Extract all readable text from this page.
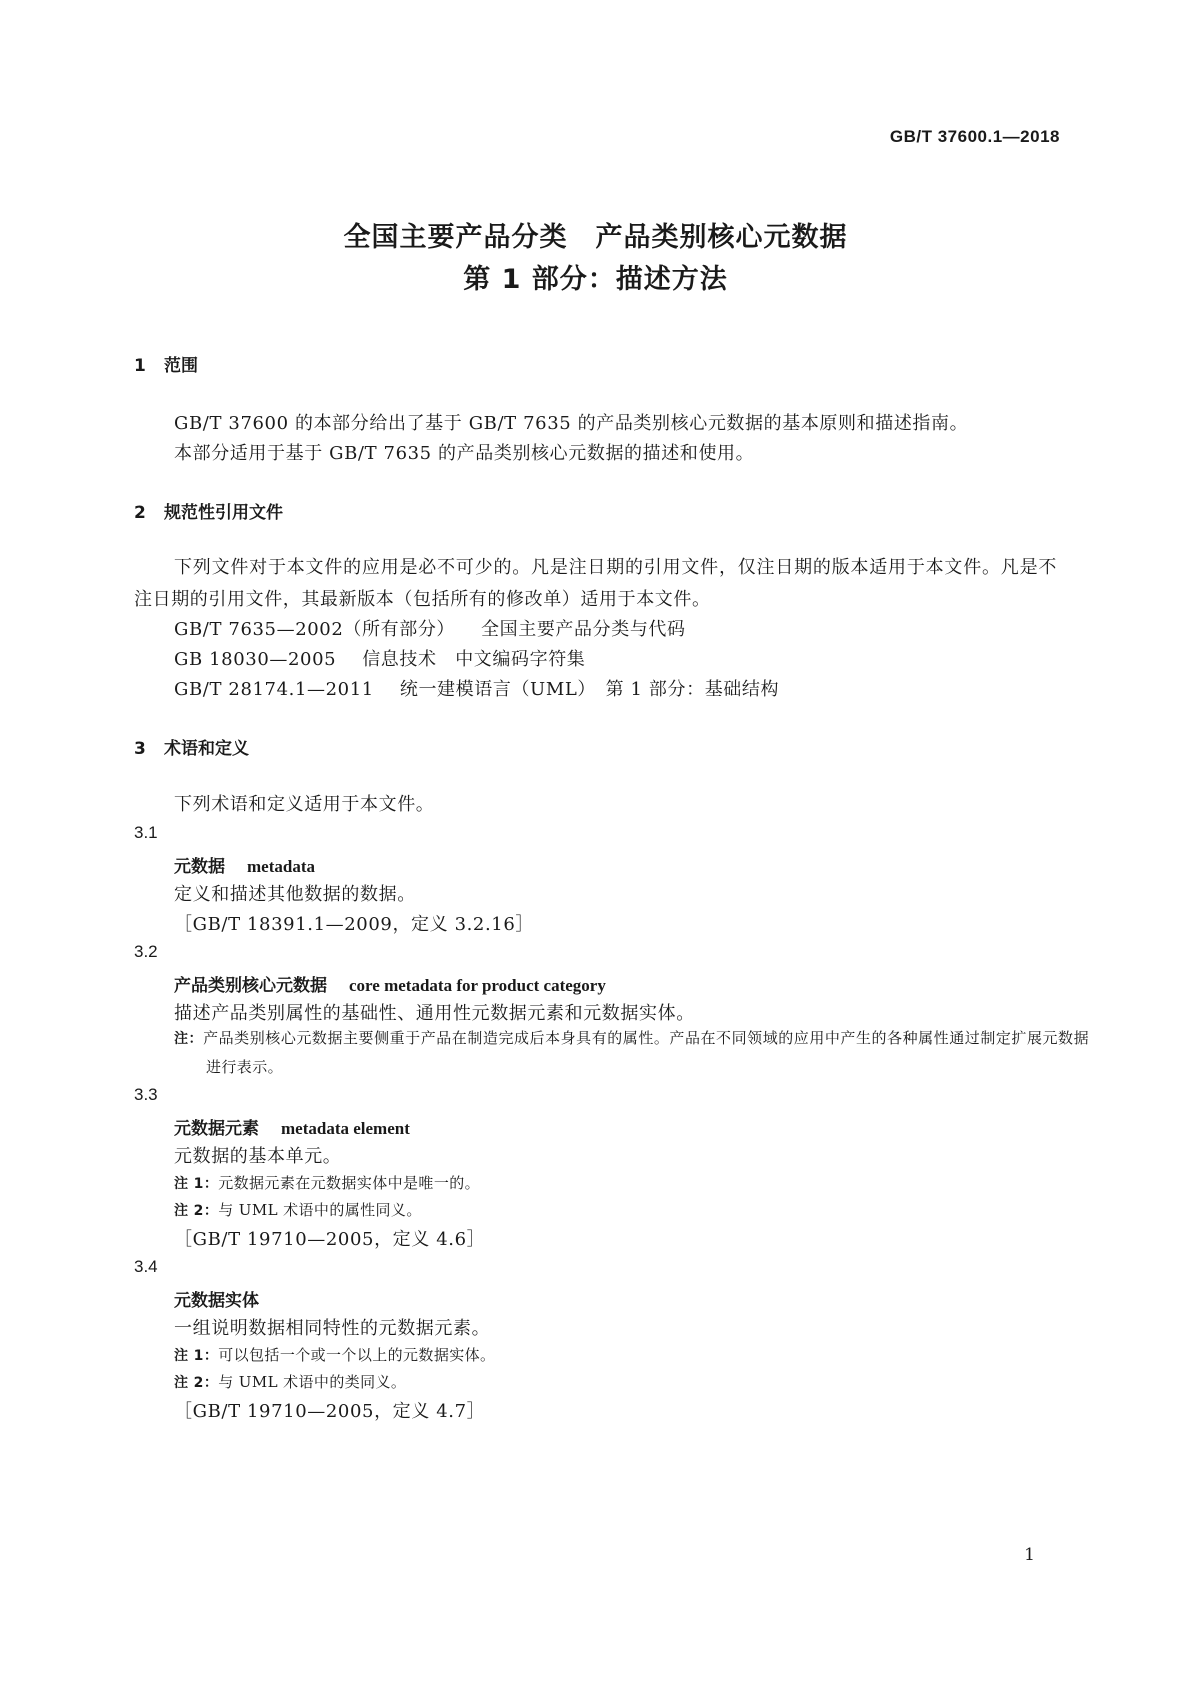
GB/T 37600.1—2018
全国主要产品分类　产品类别核心元数据
第 1 部分：描述方法
1 范围
GB/T 37600 的本部分给出了基于 GB/T 7635 的产品类别核心元数据的基本原则和描述指南。
本部分适用于基于 GB/T 7635 的产品类别核心元数据的描述和使用。
2 规范性引用文件
下列文件对于本文件的应用是必不可少的。凡是注日期的引用文件，仅注日期的版本适用于本文件。凡是不注日期的引用文件，其最新版本（包括所有的修改单）适用于本文件。
GB/T 7635—2002（所有部分） 全国主要产品分类与代码
GB 18030—2005 信息技术　中文编码字符集
GB/T 28174.1—2011 统一建模语言（UML）　第 1 部分：基础结构
3 术语和定义
下列术语和定义适用于本文件。
3.1
元数据 metadata
定义和描述其他数据的数据。
［GB/T 18391.1—2009，定义 3.2.16］
3.2
产品类别核心元数据 core metadata for product category
描述产品类别属性的基础性、通用性元数据元素和元数据实体。
注：产品类别核心元数据主要侧重于产品在制造完成后本身具有的属性。产品在不同领域的应用中产生的各种属性通过制定扩展元数据进行表示。
3.3
元数据元素 metadata element
元数据的基本单元。
注 1：元数据元素在元数据实体中是唯一的。
注 2：与 UML 术语中的属性同义。
［GB/T 19710—2005，定义 4.6］
3.4
元数据实体
一组说明数据相同特性的元数据元素。
注 1：可以包括一个或一个以上的元数据实体。
注 2：与 UML 术语中的类同义。
［GB/T 19710—2005，定义 4.7］
1
